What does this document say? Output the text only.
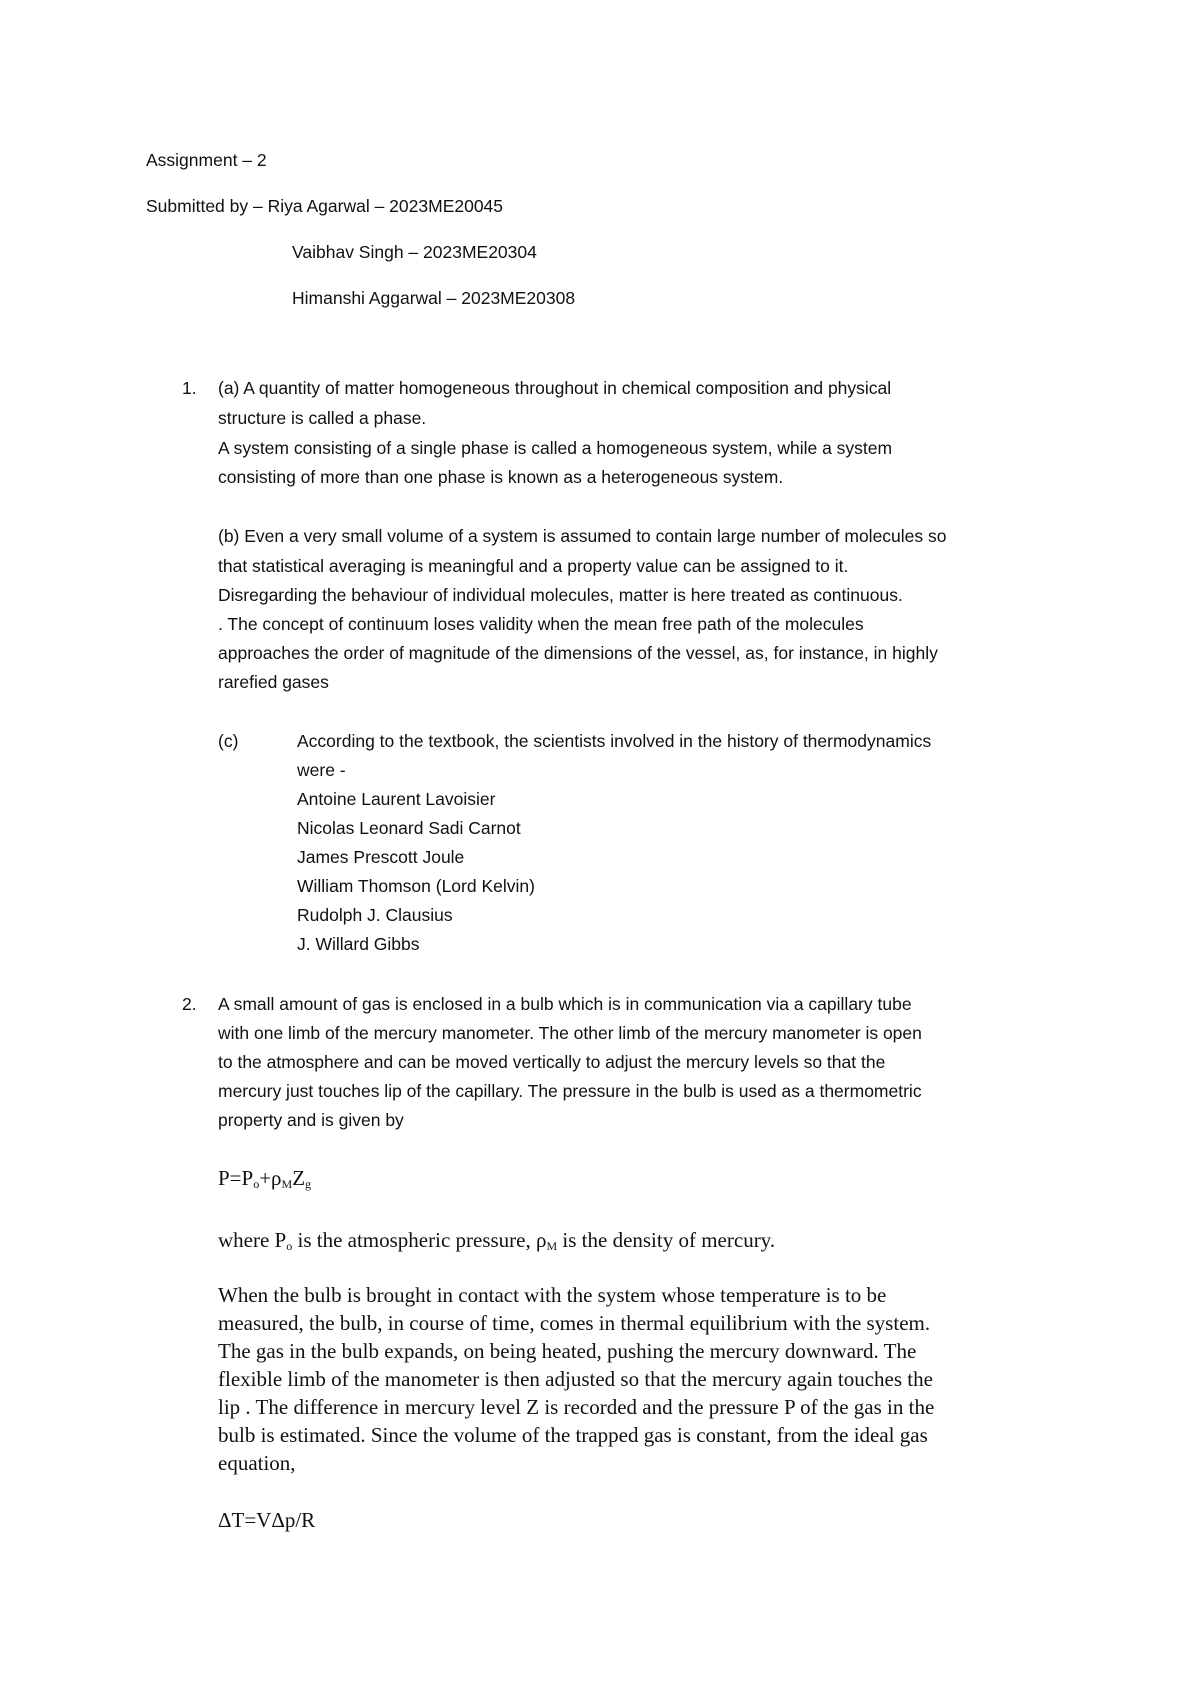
Assignment – 2
Submitted by – Riya Agarwal – 2023ME20045
Vaibhav Singh – 2023ME20304
Himanshi Aggarwal – 2023ME20308
1. (a) A quantity of matter homogeneous throughout in chemical composition and physical
structure is called a phase.
A system consisting of a single phase is called a homogeneous system, while a system
consisting of more than one phase is known as a heterogeneous system.
(b) Even a very small volume of a system is assumed to contain large number of molecules so
that statistical averaging is meaningful and a property value can be assigned to it.
Disregarding the behaviour of individual molecules, matter is here treated as continuous.
. The concept of continuum loses validity when the mean free path of the molecules
approaches the order of magnitude of the dimensions of the vessel, as, for instance, in highly
rarefied gases
(c)	According to the textbook, the scientists involved in the history of thermodynamics
were -
Antoine Laurent Lavoisier
Nicolas Leonard Sadi Carnot
James Prescott Joule
William Thomson (Lord Kelvin)
Rudolph J. Clausius
J. Willard Gibbs
2. A small amount of gas is enclosed in a bulb which is in communication via a capillary tube
with one limb of the mercury manometer. The other limb of the mercury manometer is open
to the atmosphere and can be moved vertically to adjust the mercury levels so that the
mercury just touches lip of the capillary. The pressure in the bulb is used as a thermometric
property and is given by
$P=P_o+\rho_MZ_g$
where $P_o$ is the atmospheric pressure, $\rho_M$ is the density of mercury.
When the bulb is brought in contact with the system whose temperature is to be
measured, the bulb, in course of time, comes in thermal equilibrium with the system.
The gas in the bulb expands, on being heated, pushing the mercury downward. The
flexible limb of the manometer is then adjusted so that the mercury again touches the
lip . The difference in mercury level Z is recorded and the pressure P of the gas in the
bulb is estimated. Since the volume of the trapped gas is constant, from the ideal gas
equation,
ΔT=VΔp/R
